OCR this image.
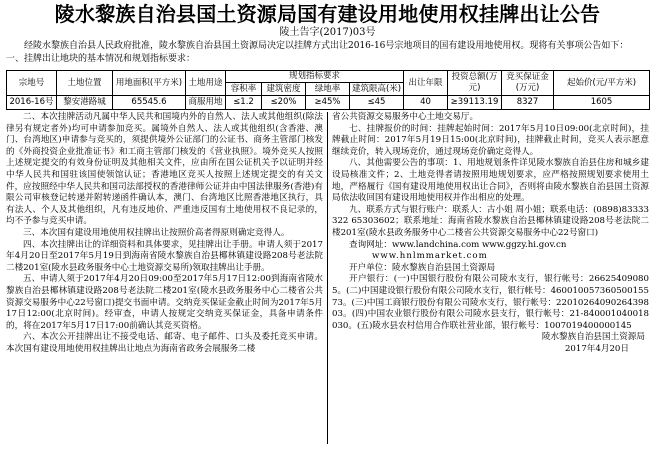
陵水黎族自治县国土资源局国有建设用地使用权挂牌出让公告
陵土告字(2017)03号
经陵水黎族自治县人民政府批准，陵水黎族自治县国土资源局决定以挂牌方式出让2016-16号宗地项目的国有建设用地使用权。现将有关事项公告如下：
一、挂牌出让地块的基本情况和规划指标要求：
宗地号	土地位置	用地面积(平方米)	土地用途	规划指标要求				出让年限	投资总额(万元)	竞买保证金(万元)	起始价(元/平方米)
				容积率	建筑密度	绿地率	建筑限高(米)				
2016-16号	黎安港路城	65545.6	商服用地	≤1.2	≤20%	≥45%	≤45	40	≥39113.19	8327	1605

二、本次挂牌活动凡属中华人民共和国境内外的自然人、法人或其他组织(除法律另有规定者外)均可申请参加竞买。属境外自然人、法人或其他组织(含香港、澳门、台湾地区)申请参与竞买的，须提供境外公证部门的公证书、商务主管部门核发的《外商投资企业批准证书》和工商主管部门核发的《营业执照》。境外竞买人按照上述规定提交的有效身份证明及其他相关文件，应由所在国公证机关予以证明并经中华人民共和国驻该国使领馆认证；香港地区竞买人按照上述规定提交的有关文件，应按照经中华人民共和国司法部授权的香港律师公证并由中国法律服务(香港)有限公司审核登记转递并附转递函件确认本，澳门、台湾地区比照香港地区执行，具有法人、个人及其他组织，凡有违反地价、严重违反国有土地使用权不良记录的，均不予参与竞买申请。

三、本次国有建设用地使用权挂牌出让按照价高者得原则确定竞得人。

四、本次挂牌出让的详细资料和具体要求，见挂牌出让手册。申请人须于2017年4月20日至2017年5月19日到海南省陵水黎族自治县椰林镇建设路208号老法院二楼201室(陵水县政务服务中心土地资源交易所)领取挂牌出让手册。

五、申请人须于2017年4月20日09:00至2017年5月17日12:00到海南省陵水黎族自治县椰林镇建设路208号老法院二楼201室(陵水县政务服务中心二楼省公共资源交易服务中心22号窗口)提交书面申请。交纳竞买保证金截止时间为2017年5月17日12:00(北京时间)。经审查，申请人按规定交纳竞买保证金，具备申请条件的，将在2017年5月17日17:00前确认其竞买资格。

六、本次公开挂牌出让不接受电话、邮寄、电子邮件、口头及委托竞买申请。本次国有建设用地使用权挂牌出让地点为海南省政务会展服务二楼

省公共资源交易服务中心土地交易厅。

七、挂牌报价的时间：挂牌起始时间：2017年5月10日09:00(北京时间)，挂牌截止时间：2017年5月19日15:00(北京时间)，挂牌截止时间，竞买人表示愿意继续竞价，转入现场竞价，通过现场竞价确定竞得人。

八、其他需要公告的事项：1、用地规划条件详见陵水黎族自治县住房和城乡建设局核准文件；2、土地竞得者请按照用地规划要求，应严格按照规划要求使用土地，严格履行《国有建设用地使用权出让合同》，否则将由陵水黎族自治县国土资源局依法收回国有建设用地使用权并作出相应的处理。

九、联系方式与银行账户：联系人：古小姐 周小姐；联系电话：(0898)83333322 65303602；联系地址：海南省陵水黎族自治县椰林镇建设路208号老法院二楼201室(陵水县政务服务中心二楼省公共资源交易服务中心22号窗口)

查询网址：www.landchina.com www.ggzy.hi.gov.cn

www.hnlmmarket.com

开户单位：陵水黎族自治县国土资源局

开户银行：(一)中国银行股份有限公司陵水支行，银行帐号：266254090805。(二)中国建设银行股份有限公司陵水支行，银行帐号：46001005736050015573。(三)中国工商银行股份有限公司陵水支行，银行帐号：2201026409026439803。(四)中国农业银行股份有限公司陵水县支行，银行帐号：21-840001040018030。(五)陵水县农村信用合作联社营业部，银行帐号：1007019400000145

陵水黎族自治县国土资源局

2017年4月20日
